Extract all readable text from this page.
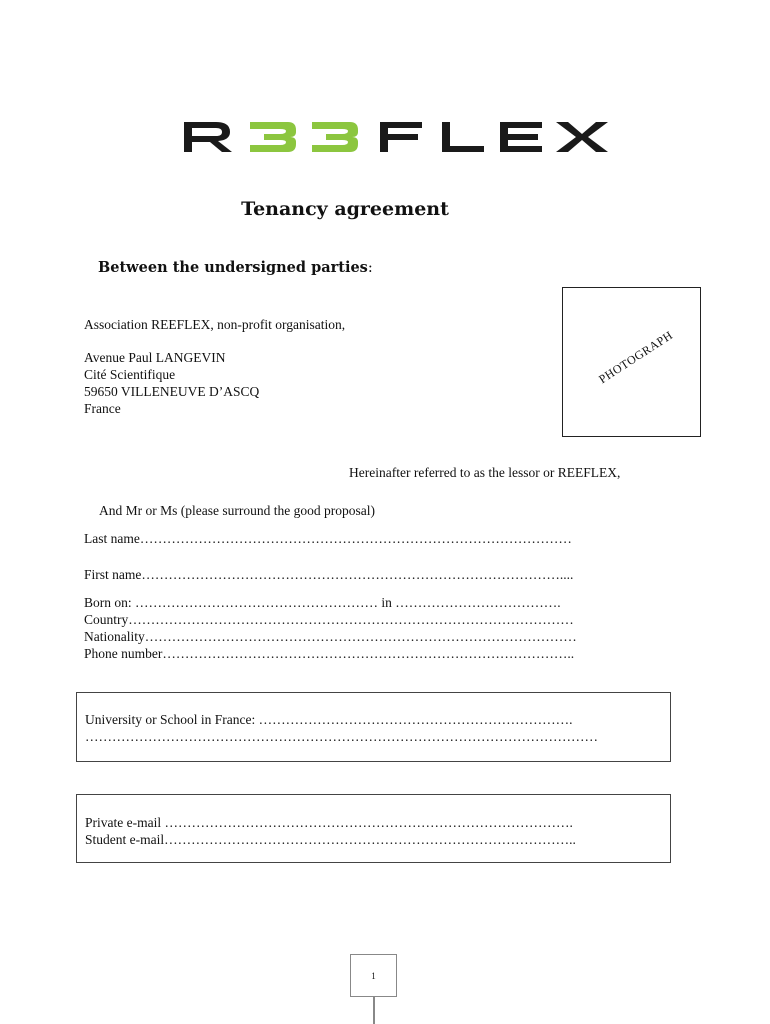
Tenancy agreement
Between the undersigned parties:
Association REEFLEX, non-profit organisation,
Avenue Paul LANGEVIN
Cité Scientifique
59650 VILLENEUVE D’ASCQ
France
PHOTOGRAPH
Hereinafter referred to as the lessor or REEFLEX,
And Mr or Ms (please surround the good proposal)
Last name……………………………………………………………………………………
First name…………………………………………………………………………………....
Born on: ……………………………………………… in ……………………………….
Country………………………………………………………………………………………
Nationality……………………………………………………………………………………
Phone number………………………………………………………………………………..
University or School in France: …………………………………………………………….
……………………………………………………………………………………………………
Private e-mail ……………………………………………………………………………….
Student e-mail………………………………………………………………………………..
1
